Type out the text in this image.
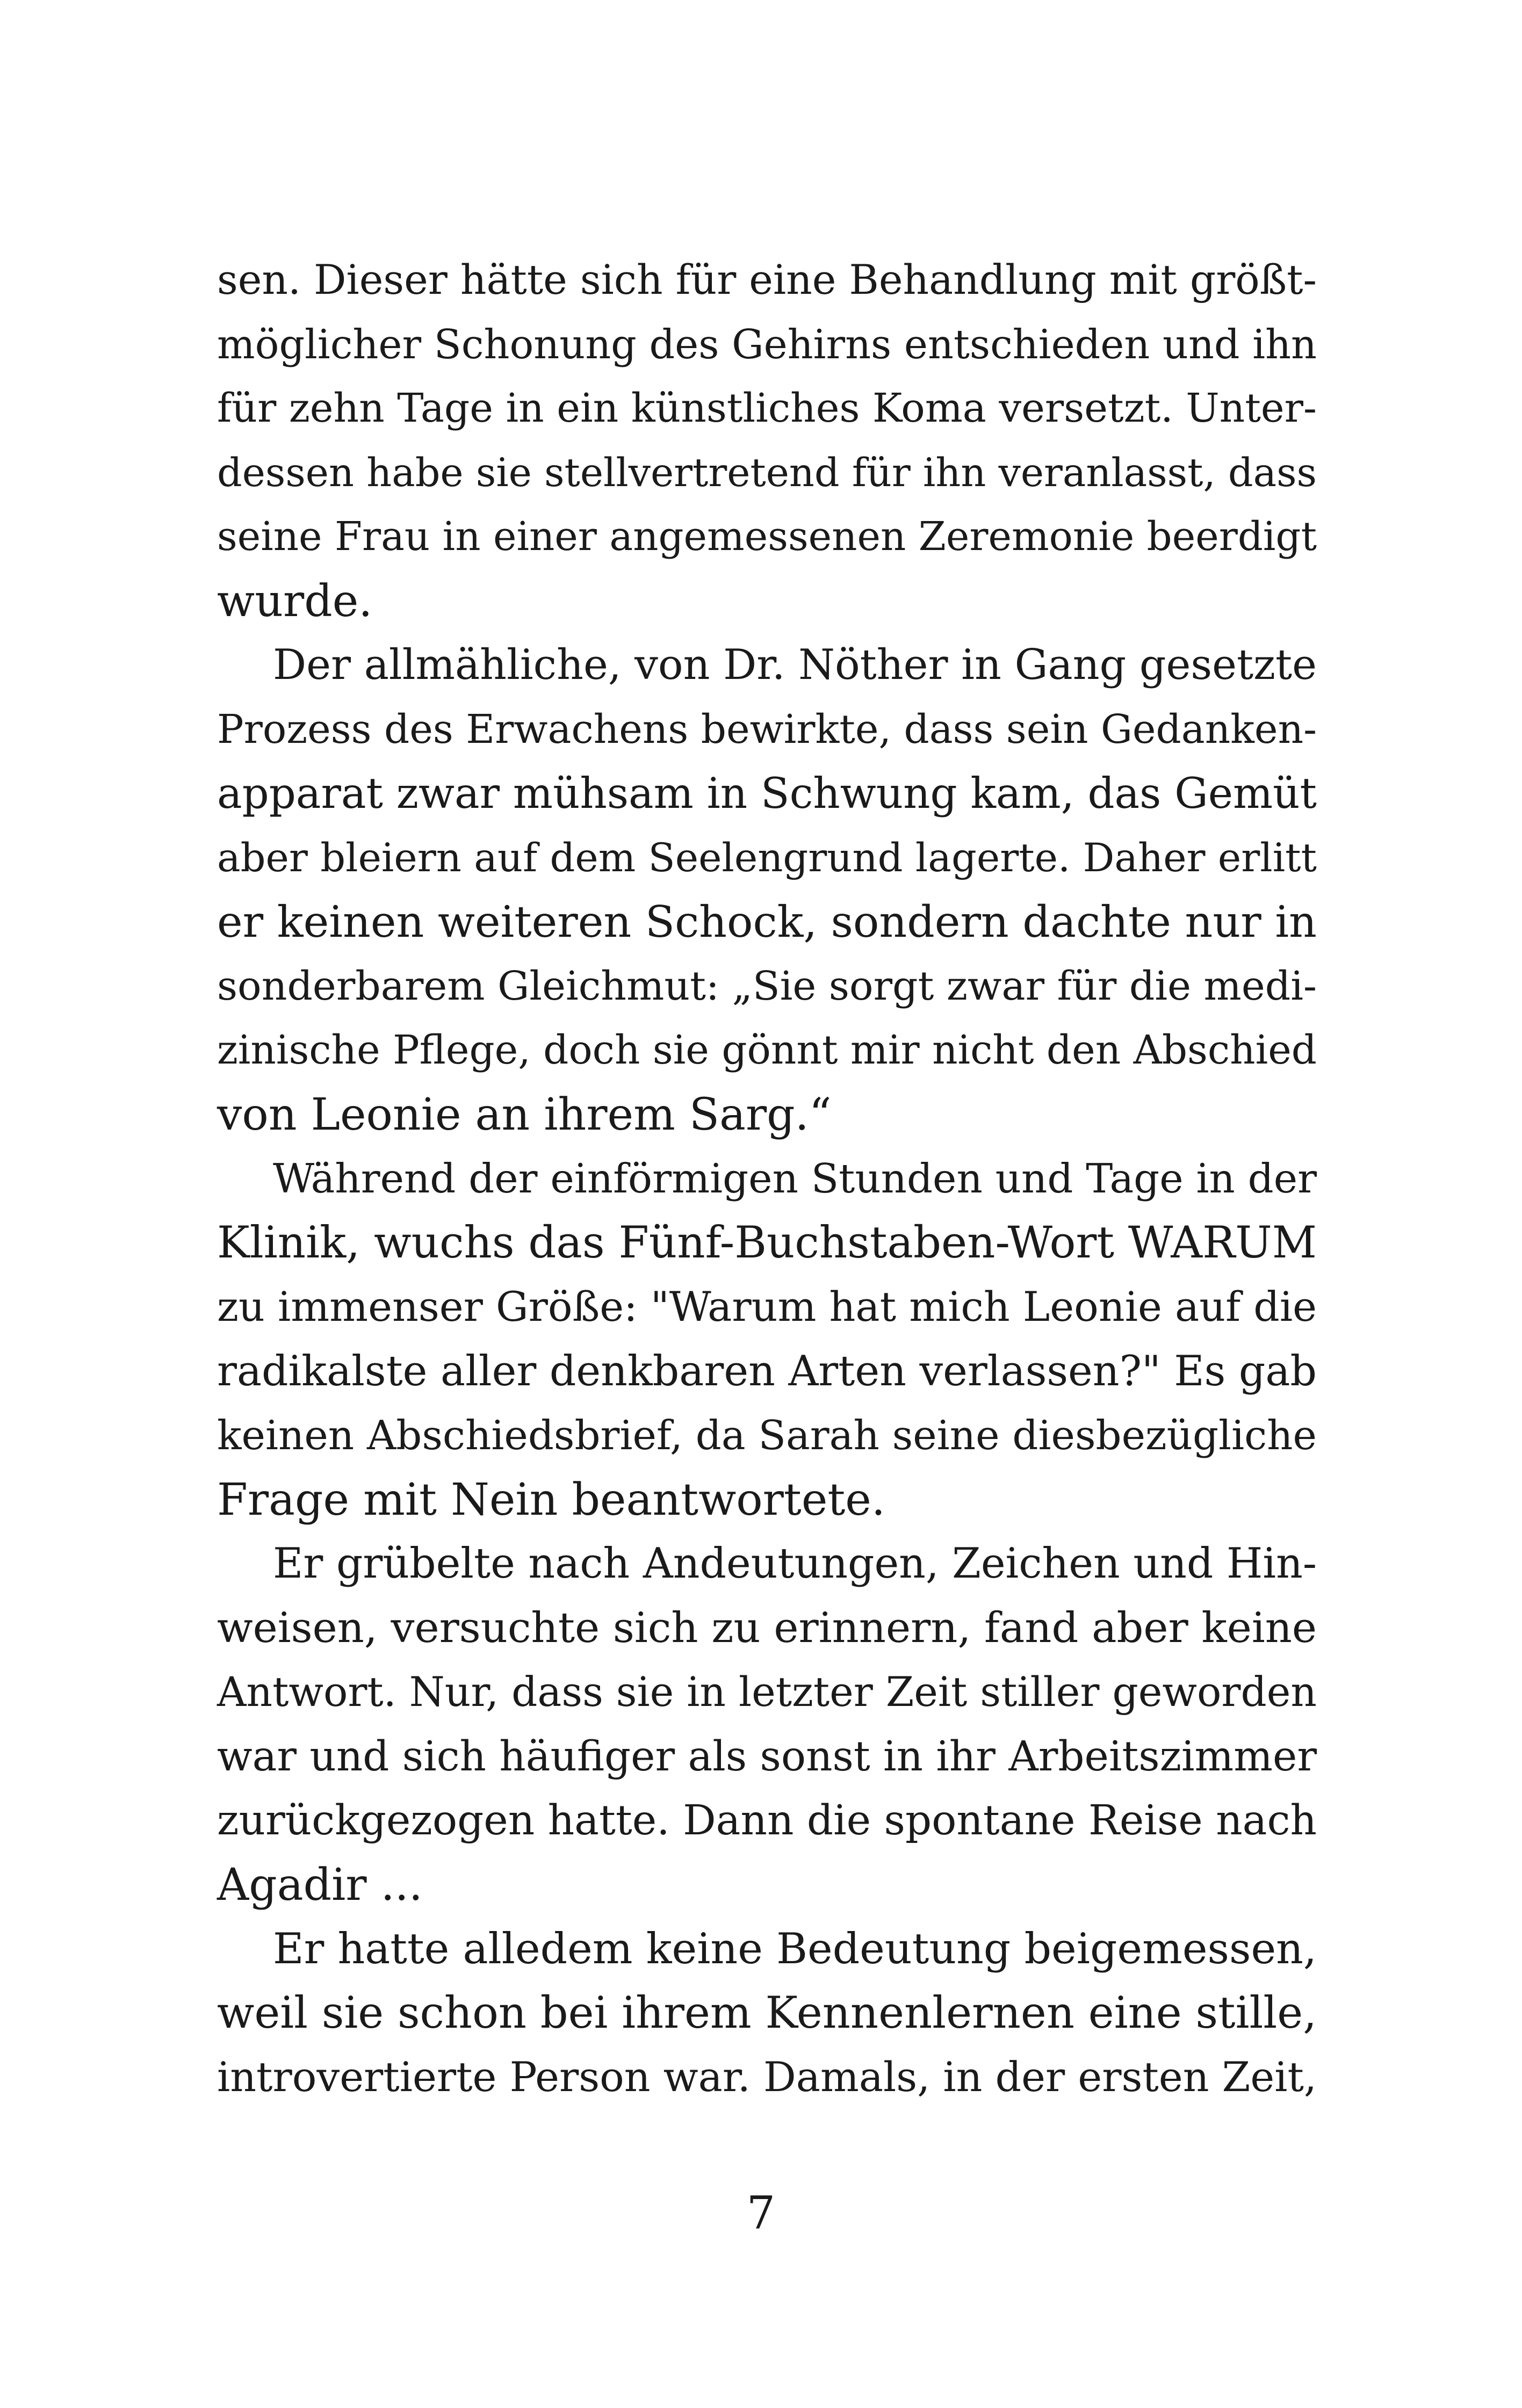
sen. Dieser hätte sich für eine Behandlung mit größt-
möglicher Schonung des Gehirns entschieden und ihn
für zehn Tage in ein künstliches Koma versetzt. Unter-
dessen habe sie stellvertretend für ihn veranlasst, dass
seine Frau in einer angemessenen Zeremonie beerdigt
wurde.
Der allmähliche, von Dr. Nöther in Gang gesetzte
Prozess des Erwachens bewirkte, dass sein Gedanken-
apparat zwar mühsam in Schwung kam, das Gemüt
aber bleiern auf dem Seelengrund lagerte. Daher erlitt
er keinen weiteren Schock, sondern dachte nur in
sonderbarem Gleichmut: „Sie sorgt zwar für die medi-
zinische Pflege, doch sie gönnt mir nicht den Abschied
von Leonie an ihrem Sarg.“
Während der einförmigen Stunden und Tage in der
Klinik, wuchs das Fünf-Buchstaben-Wort WARUM
zu immenser Größe: "Warum hat mich Leonie auf die
radikalste aller denkbaren Arten verlassen?" Es gab
keinen Abschiedsbrief, da Sarah seine diesbezügliche
Frage mit Nein beantwortete.
Er grübelte nach Andeutungen, Zeichen und Hin-
weisen, versuchte sich zu erinnern, fand aber keine
Antwort. Nur, dass sie in letzter Zeit stiller geworden
war und sich häufiger als sonst in ihr Arbeitszimmer
zurückgezogen hatte. Dann die spontane Reise nach
Agadir ...
Er hatte alledem keine Bedeutung beigemessen,
weil sie schon bei ihrem Kennenlernen eine stille,
introvertierte Person war. Damals, in der ersten Zeit,
7
